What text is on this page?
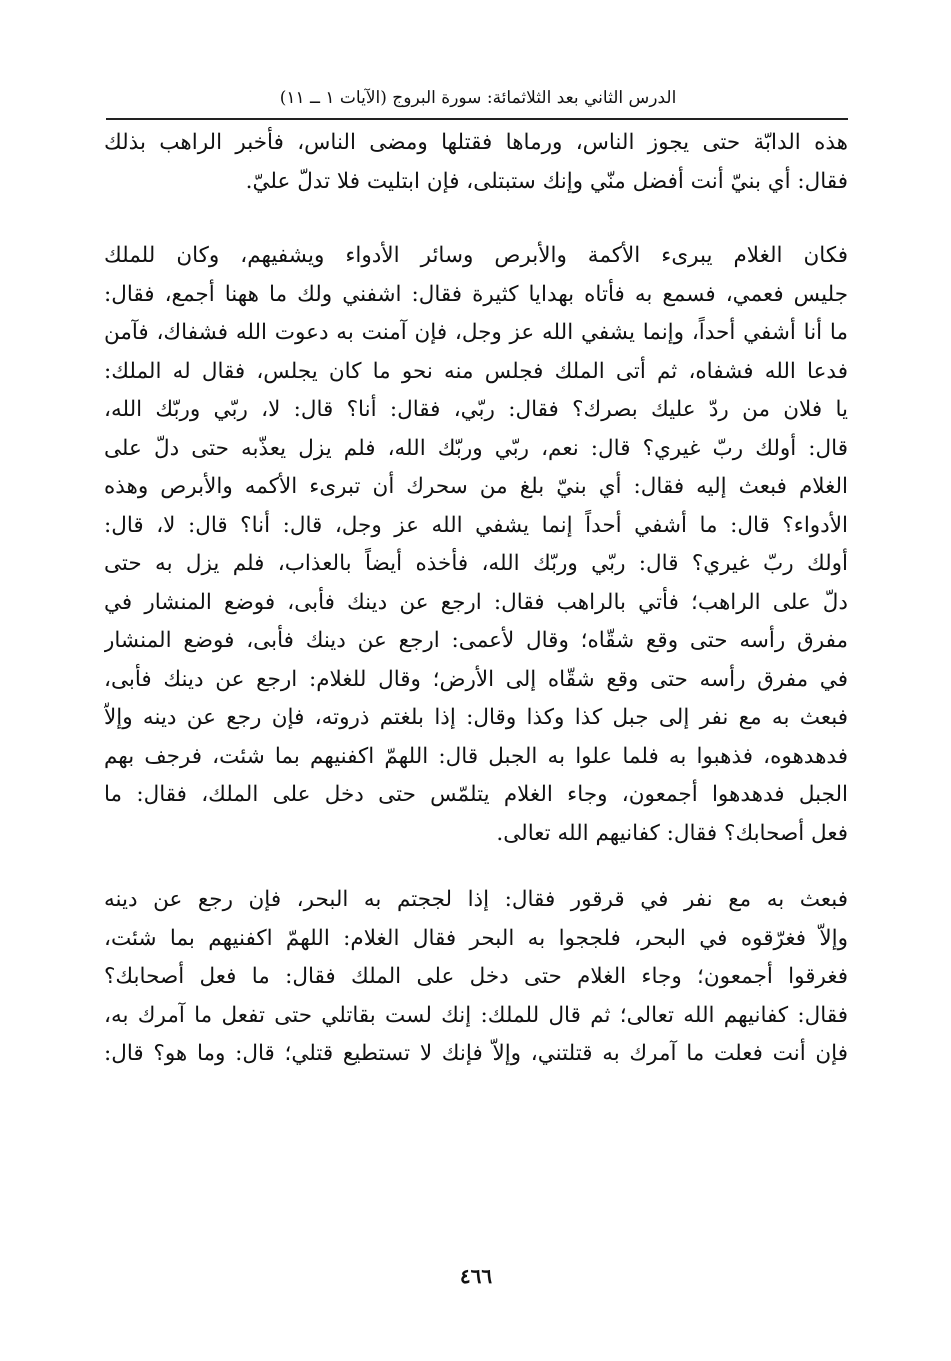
الدرس الثاني بعد الثلاثمائة: سورة البروج (الآيات ١ ــ ١١)
هذه الدابّة حتى يجوز الناس، ورماها فقتلها ومضى الناس، فأخبر الراهب بذلك
فقال: أي بنيّ أنت أفضل منّي وإنك ستبتلى، فإن ابتليت فلا تدلّ عليّ.
فكان الغلام يبرىء الأكمة والأبرص وسائر الأدواء ويشفيهم، وكان للملك
جليس فعمي، فسمع به فأتاه بهدايا كثيرة فقال: اشفني ولك ما ههنا أجمع، فقال:
ما أنا أشفي أحداً، وإنما يشفي الله عز وجل، فإن آمنت به دعوت الله فشفاك، فآمن
فدعا الله فشفاه، ثم أتى الملك فجلس منه نحو ما كان يجلس، فقال له الملك:
يا فلان من ردّ عليك بصرك؟ فقال: ربّي، فقال: أنا؟ قال: لا، ربّي وربّك الله،
قال: أولك ربّ غيري؟ قال: نعم، ربّي وربّك الله، فلم يزل يعذّبه حتى دلّ على
الغلام فبعث إليه فقال: أي بنيّ بلغ من سحرك أن تبرىء الأكمه والأبرص وهذه
الأدواء؟ قال: ما أشفي أحداً إنما يشفي الله عز وجل، قال: أنا؟ قال: لا، قال:
أولك ربّ غيري؟ قال: ربّي وربّك الله، فأخذه أيضاً بالعذاب، فلم يزل به حتى
دلّ على الراهب؛ فأتي بالراهب فقال: ارجع عن دينك فأبى، فوضع المنشار في
مفرق رأسه حتى وقع شقّاه؛ وقال لأعمى: ارجع عن دينك فأبى، فوضع المنشار
في مفرق رأسه حتى وقع شقّاه إلى الأرض؛ وقال للغلام: ارجع عن دينك فأبى،
فبعث به مع نفر إلى جبل كذا وكذا وقال: إذا بلغتم ذروته، فإن رجع عن دينه وإلاّ
فدهدهوه، فذهبوا به فلما علوا به الجبل قال: اللهمّ اكفنيهم بما شئت، فرجف بهم
الجبل فدهدهوا أجمعون، وجاء الغلام يتلمّس حتى دخل على الملك، فقال: ما
فعل أصحابك؟ فقال: كفانيهم الله تعالى.
فبعث به مع نفر في قرقور فقال: إذا لججتم به البحر، فإن رجع عن دينه
وإلاّ فغرّقوه في البحر، فلججوا به البحر فقال الغلام: اللهمّ اكفنيهم بما شئت،
فغرقوا أجمعون؛ وجاء الغلام حتى دخل على الملك فقال: ما فعل أصحابك؟
فقال: كفانيهم الله تعالى؛ ثم قال للملك: إنك لست بقاتلي حتى تفعل ما آمرك به،
فإن أنت فعلت ما آمرك به قتلتني، وإلاّ فإنك لا تستطيع قتلي؛ قال: وما هو؟ قال:
٤٦٦
